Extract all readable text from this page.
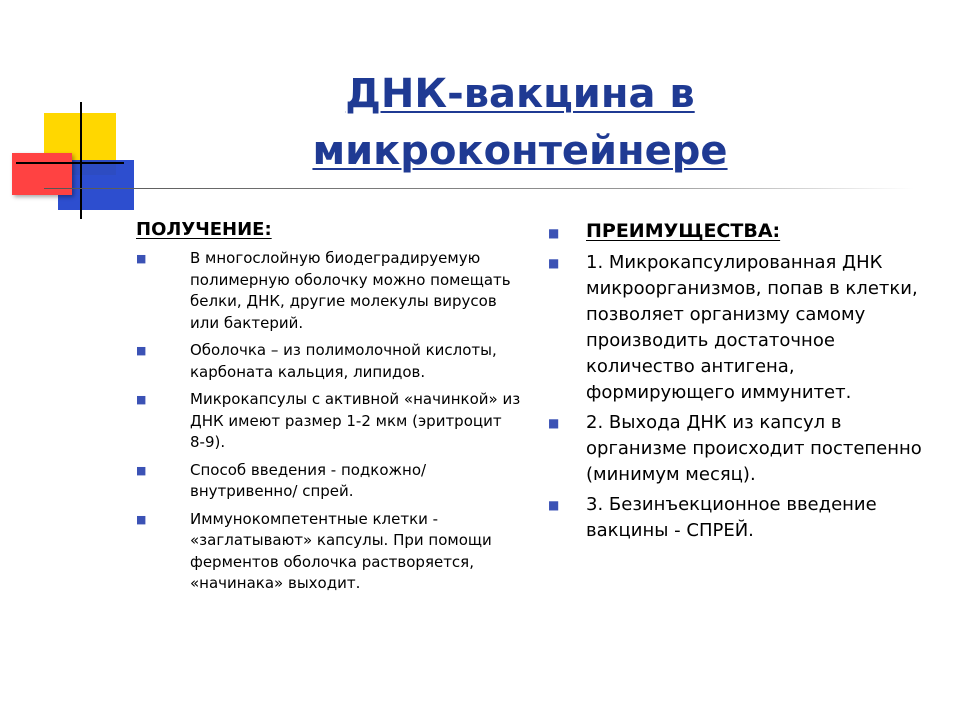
ДНК-вакцина в микроконтейнере
ПОЛУЧЕНИЕ:
■	В многослойную биодеградируемую полимерную оболочку можно помещать белки, ДНК, другие молекулы вирусов или бактерий.
■	Оболочка – из полимолочной кислоты, карбоната кальция, липидов.
■	Микрокапсулы с активной «начинкой» из ДНК имеют размер 1-2 мкм (эритроцит 8-9).
■	Способ введения - подкожно/ внутривенно/ спрей.
■	Иммунокомпетентные клетки - «заглатывают» капсулы. При помощи ферментов оболочка растворяется, «начинака» выходит.
■	ПРЕИМУЩЕСТВА:
■	1. Микрокапсулированная ДНК микроорганизмов, попав в клетки, позволяет организму самому производить достаточное количество антигена, формирующего иммунитет.
■	2. Выхода ДНК из капсул в организме происходит постепенно (минимум месяц).
■	3. Безинъекционное введение вакцины - СПРЕЙ.
